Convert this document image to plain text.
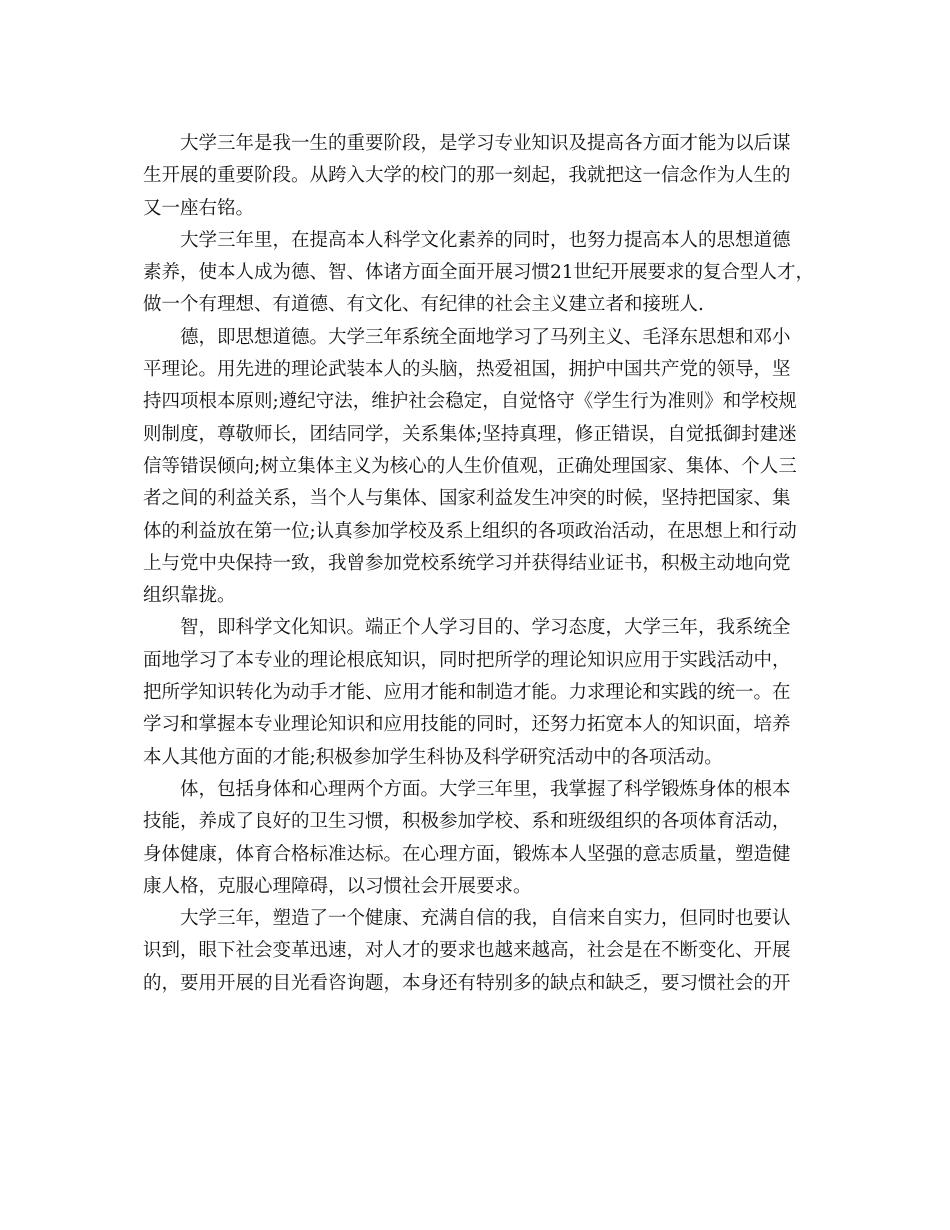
大学三年是我一生的重要阶段，是学习专业知识及提高各方面才能为以后谋
生开展的重要阶段。从跨入大学的校门的那一刻起，我就把这一信念作为人生的
又一座右铭。
大学三年里，在提高本人科学文化素养的同时，也努力提高本人的思想道德
素养，使本人成为德、智、体诸方面全面开展习惯21世纪开展要求的复合型人才，
做一个有理想、有道德、有文化、有纪律的社会主义建立者和接班人.
德，即思想道德。大学三年系统全面地学习了马列主义、毛泽东思想和邓小
平理论。用先进的理论武装本人的头脑，热爱祖国，拥护中国共产党的领导，坚
持四项根本原则;遵纪守法，维护社会稳定，自觉恪守《学生行为准则》和学校规
则制度，尊敬师长，团结同学，关系集体;坚持真理，修正错误，自觉抵御封建迷
信等错误倾向;树立集体主义为核心的人生价值观，正确处理国家、集体、个人三
者之间的利益关系，当个人与集体、国家利益发生冲突的时候，坚持把国家、集
体的利益放在第一位;认真参加学校及系上组织的各项政治活动，在思想上和行动
上与党中央保持一致，我曾参加党校系统学习并获得结业证书，积极主动地向党
组织靠拢。
智，即科学文化知识。端正个人学习目的、学习态度，大学三年，我系统全
面地学习了本专业的理论根底知识，同时把所学的理论知识应用于实践活动中，
把所学知识转化为动手才能、应用才能和制造才能。力求理论和实践的统一。在
学习和掌握本专业理论知识和应用技能的同时，还努力拓宽本人的知识面，培养
本人其他方面的才能;积极参加学生科协及科学研究活动中的各项活动。
体，包括身体和心理两个方面。大学三年里，我掌握了科学锻炼身体的根本
技能，养成了良好的卫生习惯，积极参加学校、系和班级组织的各项体育活动，
身体健康，体育合格标准达标。在心理方面，锻炼本人坚强的意志质量，塑造健
康人格，克服心理障碍，以习惯社会开展要求。
大学三年，塑造了一个健康、充满自信的我，自信来自实力，但同时也要认
识到，眼下社会变革迅速，对人才的要求也越来越高，社会是在不断变化、开展
的，要用开展的目光看咨询题，本身还有特别多的缺点和缺乏，要习惯社会的开
